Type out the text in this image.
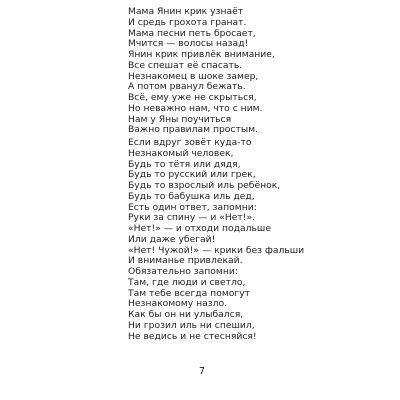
Мама Янин крик узнаёт
И средь грохота гранат.
Мама песни петь бросает,
Мчится — волосы назад!
Янин крик привлёк внимание,
Все спешат её спасать.
Незнакомец в шоке замер,
А потом рванул бежать.
Всё, ему уже не скрыться,
Но неважно нам, что с ним.
Нам у Яны поучиться
Важно правилам простым.
Если вдруг зовёт куда-то
Незнакомый человек,
Будь то тётя или дядя,
Будь то русский или грек,
Будь то взрослый иль ребёнок,
Будь то бабушка иль дед,
Есть один ответ, запомни:
Руки за спину — и «Нет!».
«Нет!» — и отходи подальше
Или даже убегай!
«Нет! Чужой!» — крики без фальши
И вниманье привлекай.
Обязательно запомни:
Там, где люди и светло,
Там тебе всегда помогут
Незнакомому назло.
Как бы он ни улыбался,
Ни грозил иль ни спешил,
Не ведись и не стесняйся!
7
